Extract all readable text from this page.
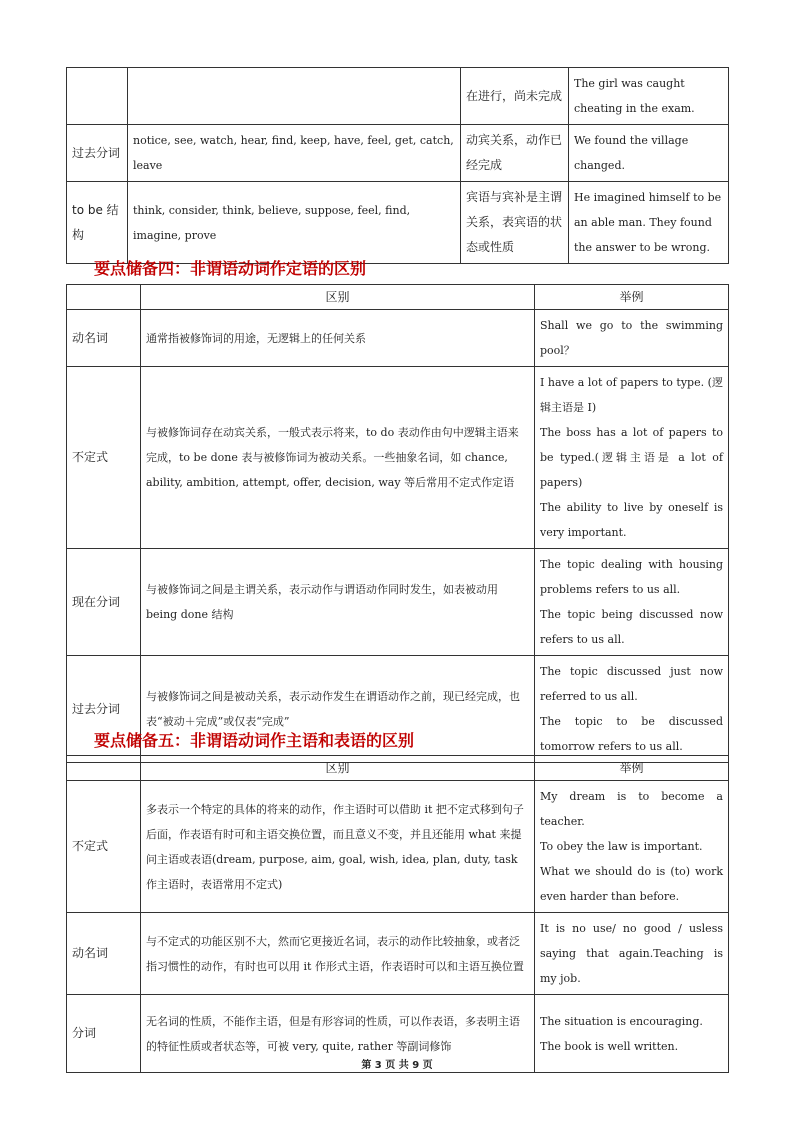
		在进行，尚未完成	The girl was caught cheating in the exam.
过去分词	notice, see, watch, hear, find, keep, have, feel, get, catch, leave	动宾关系，动作已经完成	We found the village changed.
to be 结构	think, consider, think, believe, suppose, feel, find, imagine, prove	宾语与宾补是主谓关系，表宾语的状态或性质	He imagined himself to be an able man. They found the answer to be wrong.
要点储备四：非谓语动词作定语的区别
	区别	举例
动名词	通常指被修饰词的用途，无逻辑上的任何关系	Shall we go to the swimming pool？

不定式	与被修饰词存在动宾关系，一般式表示将来，to do 表动作由句中逻辑主语来完成，to be done 表与被修饰词为被动关系。一些抽象名词，如 chance, ability, ambition, attempt, offer, decision, way 等后常用不定式作定语	I have a lot of papers to type. (逻辑主语是 I)
The boss has a lot of papers to be typed.(逻辑主语是 a lot of papers)
The ability to live by oneself is very important.

现在分词	与被修饰词之间是主谓关系，表示动作与谓语动作同时发生，如表被动用 being done 结构	The topic dealing with housing problems refers to us all.
The topic being discussed now refers to us all.

过去分词	与被修饰词之间是被动关系，表示动作发生在谓语动作之前，现已经完成，也表“被动＋完成”或仅表“完成”	The topic discussed just now referred to us all.
The topic to be discussed tomorrow refers to us all.
要点储备五：非谓语动词作主语和表语的区别
	区别	举例
不定式	多表示一个特定的具体的将来的动作，作主语时可以借助 it 把不定式移到句子后面，作表语有时可和主语交换位置，而且意义不变，并且还能用 what 来提问主语或表语(dream, purpose, aim, goal, wish, idea, plan, duty, task 作主语时，表语常用不定式)	My dream is to become a teacher.
To obey the law is important.
What we should do is (to) work even harder than before.

动名词	与不定式的功能区别不大，然而它更接近名词，表示的动作比较抽象，或者泛指习惯性的动作，有时也可以用 it 作形式主语，作表语时可以和主语互换位置	It is no use/ no good / usless saying that again.Teaching is my job.

分词	无名词的性质，不能作主语，但是有形容词的性质，可以作表语，多表明主语的特征性质或者状态等，可被 very, quite, rather 等副词修饰	The situation is encouraging.
The book is well written.
第 3 页 共 9 页
